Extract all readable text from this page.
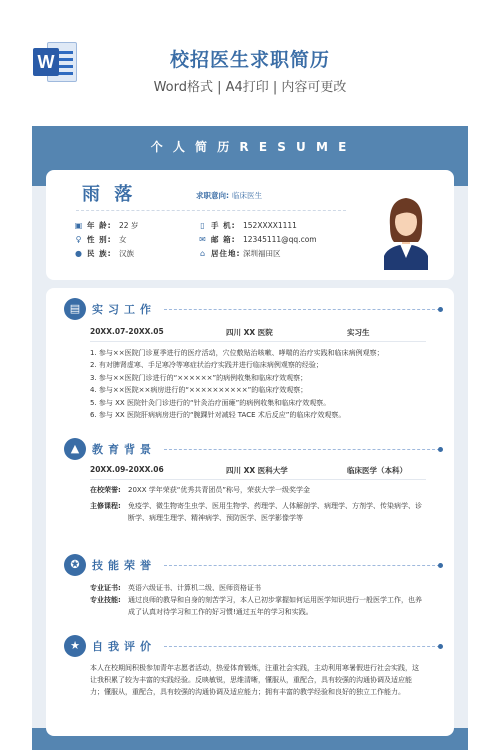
W	校招医生求职简历
Word格式 | A4打印 | 内容可更改
个 人 简 历 R E S U M E
雨 落	求职意向: 临床医生
▣ 年 龄: 22 岁
♀ 性 别: 女
● 民 族: 汉族
▯ 手 机: 152XXXX1111
✉ 邮 箱: 12345111@qq.com
⌂ 居住地: 深圳福田区
▤	实习工作
20XX.07-20XX.05	四川 XX 医院	实习生
1. 参与××医院门诊夏季进行的医疗活动，穴位敷贴治咳嗽、哮喘的治疗实践和临床病例观察；
2. 有对脾肾虚寒、手足寒冷等寒症状治疗实践并进行临床病例观察的经验；
3. 参与××医院门诊进行的“××××××”的病例收集和临床疗效观察；
4. 参与××医院××病房进行的“××××××××××”的临床疗效观察；
5. 参与 XX 医院针灸门诊进行的“针灸治疗面瘫”的病例收集和临床疗效观察。
6. 参与 XX 医院肝病病房进行的“腕踝针对减轻 TACE 术后反应”的临床疗效观察。
▲	教育背景
20XX.09-20XX.06	四川 XX 医科大学	临床医学（本科）
在校荣誉:	20XX 学年荣获“优秀共青团员”称号，荣获大学一级奖学金
主修课程:	免疫学、微生物寄生虫学、医用生物学、药理学、人体解剖学、病理学、方剂学、传染病学、诊断学、病理生理学、精神病学、预防医学、医学影像学等
✪	技能荣誉
专业证书:	英语六级证书、计算机二级、医师资格证书
专业技能:	通过良师的教导和自身的刻苦学习，本人已初步掌握如何运用医学知识进行一般医学工作，也养成了认真对待学习和工作的好习惯!通过五年的学习和实践。
★	自我评价
本人在校期间积极参加青年志愿者活动，热爱体育锻炼，注重社会实践，主动利用寒暑假进行社会实践，这让我积累了较为丰富的实践经验。反映敏锐，思维清晰，懂服从，重配合，具有较强的沟通协调及适应能力；懂服从，重配合，具有较强的沟通协调及适应能力；拥有丰富的教学经验和良好的独立工作能力。
